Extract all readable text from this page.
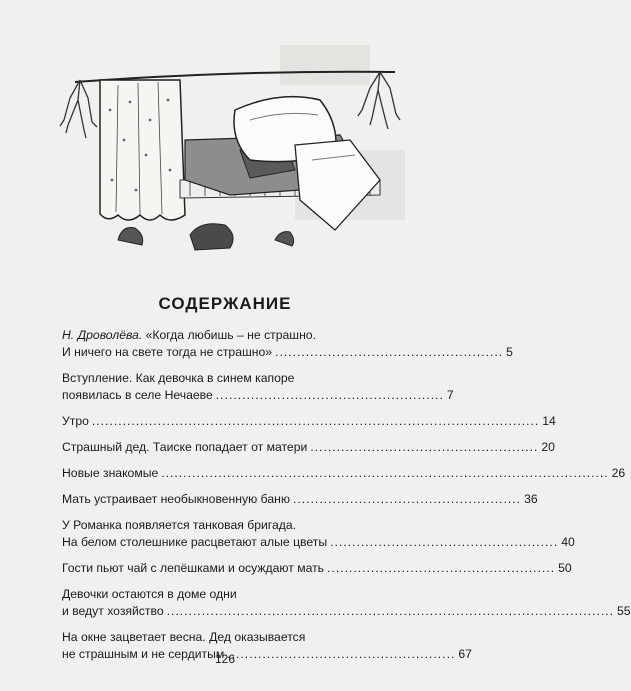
СОДЕРЖАНИЕ
Н. Дроволёва. «Когда любишь – не страшно.
И ничего на свете тогда не страшно» .................................................... 5
Вступление. Как девочка в синем капоре
появилась в селе Нечаеве .................................................... 7
Утро ...................................................................................................... 14
Страшный дед. Таиске попадает от матери .................................................... 20
Новые знакомые ...................................................................................................... 26
Мать устраивает необыкновенную баню .................................................... 36
У Романка появляется танковая бригада.
На белом столешнике расцветают алые цветы .................................................... 40
Гости пьют чай с лепёшками и осуждают мать .................................................... 50
Девочки остаются в доме одни
и ведут хозяйство ...................................................................................................... 55
На окне зацветает весна. Дед оказывается
не страшным и не сердитым .................................................... 67
126
